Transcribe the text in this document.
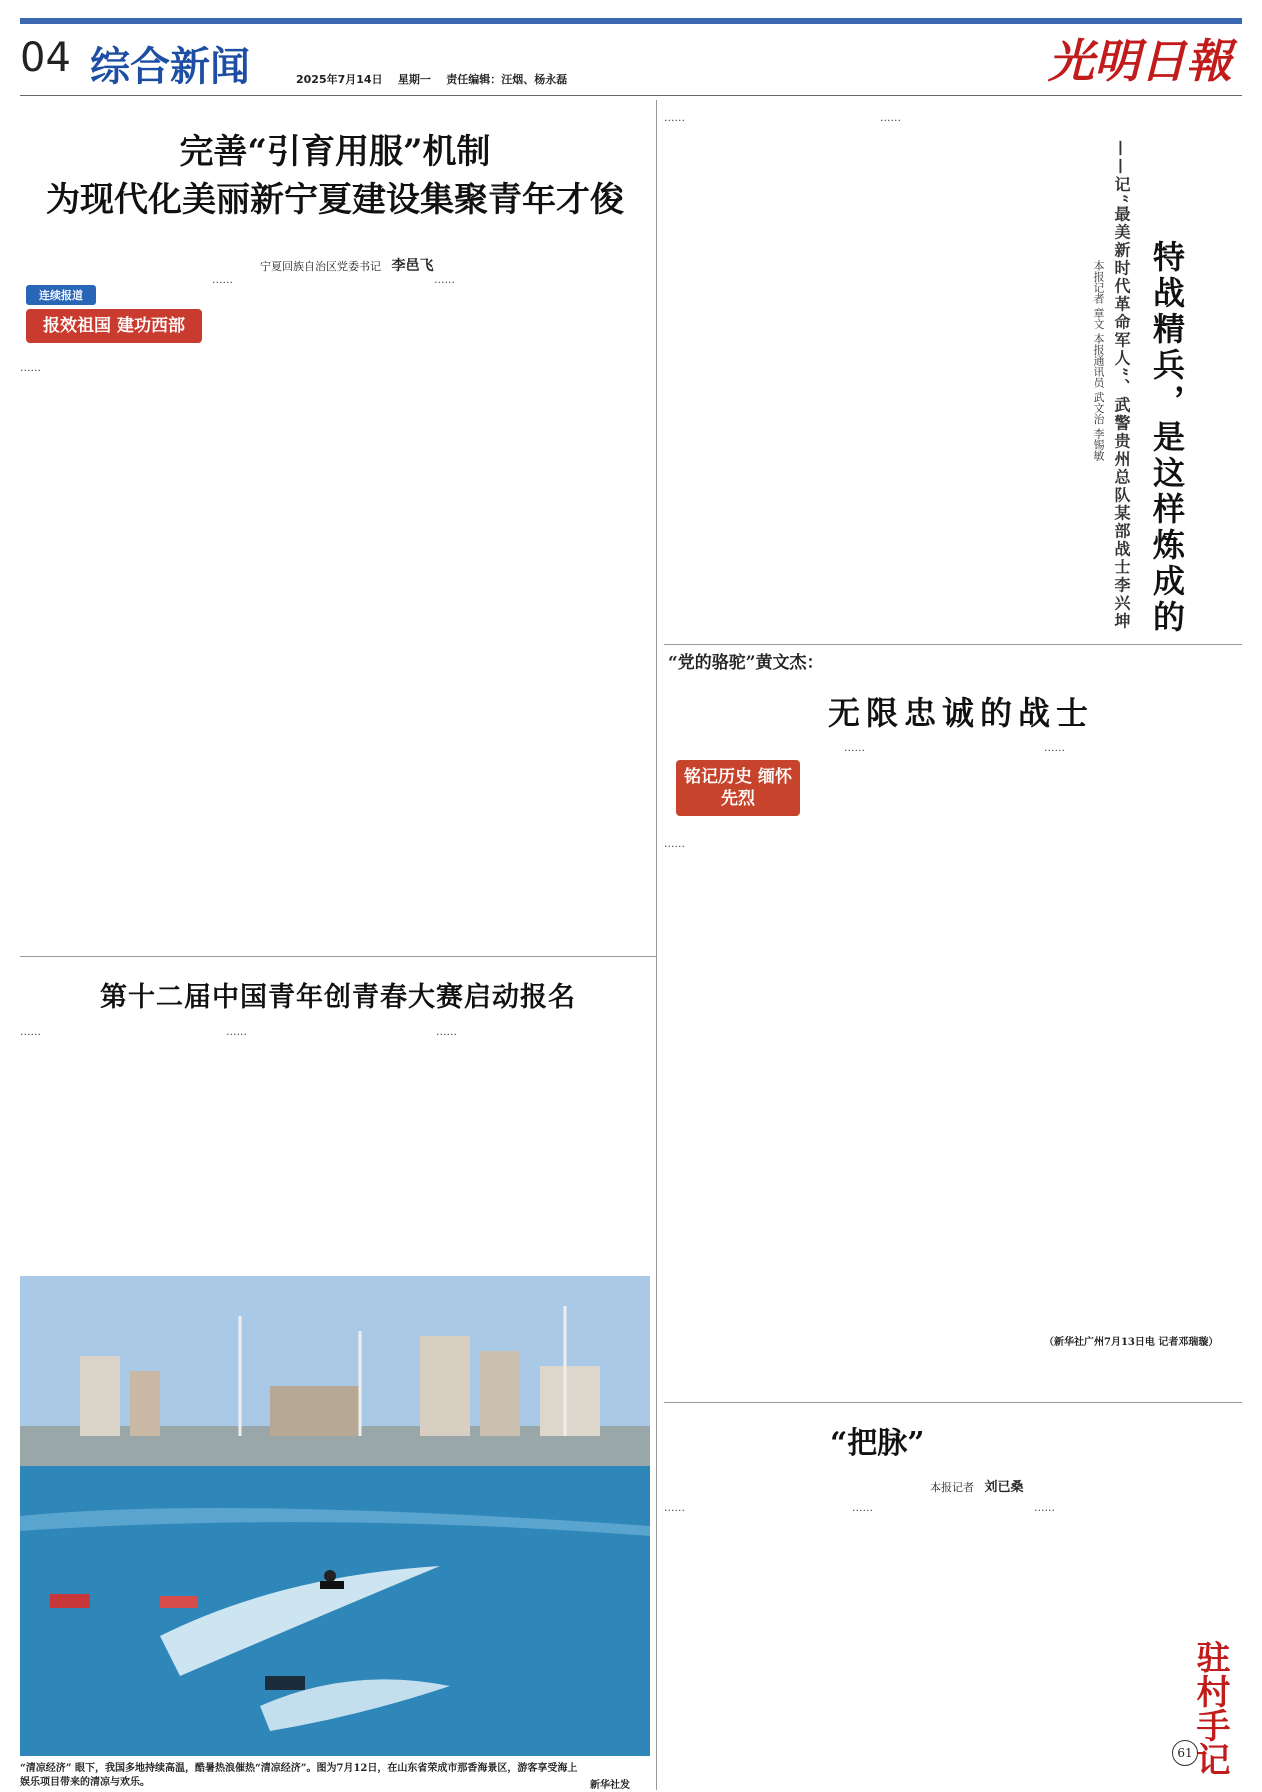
04 综合新闻	2025年7月14日 星期一 责任编辑：汪烟、杨永磊	光明日報
完善“引育用服”机制
为现代化美丽新宁夏建设集聚青年才俊
宁夏回族自治区党委书记 李邑飞
连续报道
报效祖国 建功西部
……
……	……
……	……
特战精兵，是这样炼成的
——记“最美新时代革命军人”、武警贵州总队某部战士李兴坤
本报记者 章文 本报通讯员 武文治 李锡敏
“党的骆驼”黄文杰：
无限忠诚的战士
铭记历史 缅怀先烈
……
……	……
（新华社广州7月13日电 记者邓瑞璇）
第十二届中国青年创青春大赛启动报名
……	……	……
“清凉经济” 眼下，我国多地持续高温，酷暑热浪催热“清凉经济”。图为7月12日，在山东省荣成市那香海景区，游客享受海上娱乐项目带来的清凉与欢乐。	新华社发
“把脉”
本报记者 刘已桑
……	……	……
驻村手记
61
